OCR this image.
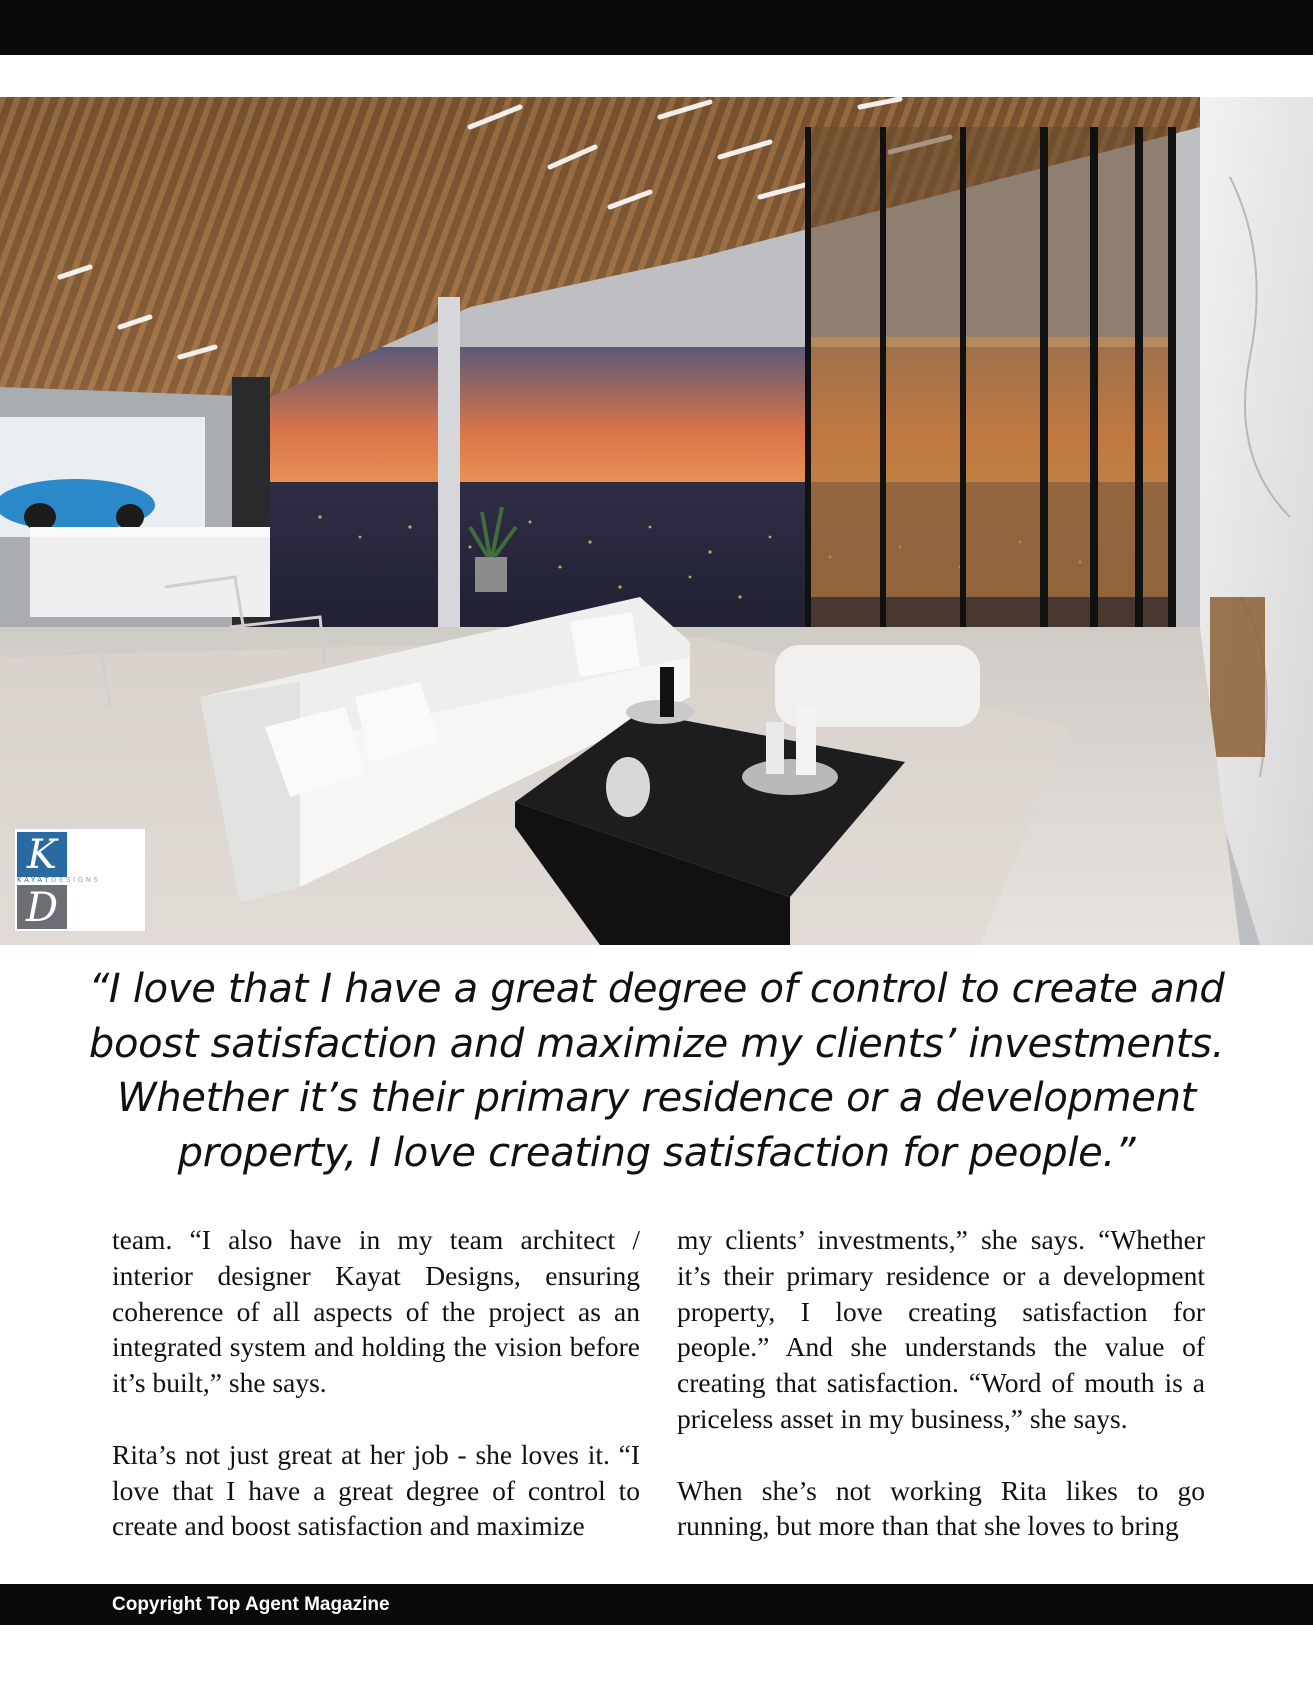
K
KAYATDESIGNS
D

“I love that I have a great degree of control to create and boost satisfaction and maximize my clients’ investments. Whether it’s their primary residence or a development property, I love creating satisfaction for people.”

team. “I also have in my team architect / interior designer Kayat Designs, ensuring coherence of all aspects of the project as an integrated system and holding the vision before it’s built,” she says.

Rita’s not just great at her job - she loves it. “I love that I have a great degree of control to create and boost satisfaction and maximize

my clients’ investments,” she says. “Whether it’s their primary residence or a development property, I love creating satisfaction for people.” And she understands the value of creating that satisfaction. “Word of mouth is a priceless asset in my business,” she says.

When she’s not working Rita likes to go running, but more than that she loves to bring

Copyright Top Agent Magazine
